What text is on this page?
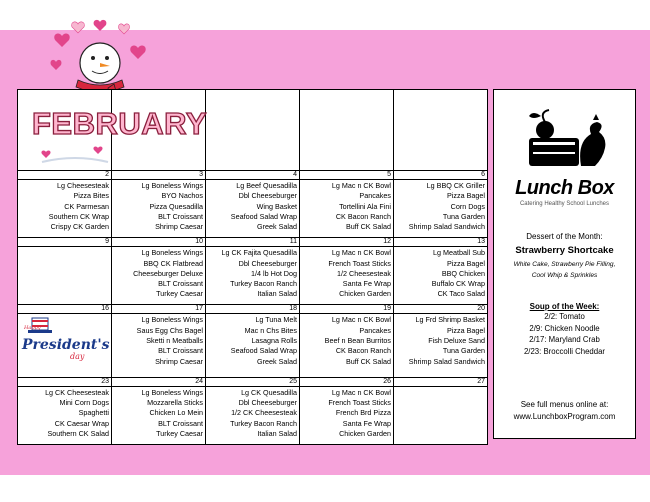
FEBRUARY				

2	3	4	5	6

Lg Cheesesteak
Pizza Bites
CK Parmesan
Southern CK Wrap
Crispy CK Garden	Lg Boneless Wings
BYO Nachos
Pizza Quesadilla
BLT Croissant
Shrimp Caesar	Lg Beef Quesadilla
Dbl Cheeseburger
Wing Basket
Seafood Salad Wrap
Greek Salad	Lg Mac n CK Bowl
Pancakes
Tortellini Ala Fini
CK Bacon Ranch
Buff CK Salad	Lg BBQ CK Griller
Pizza Bagel
Corn Dogs
Tuna Garden
Shrimp Salad Sandwich

9	10	11	12	13

	Lg Boneless Wings
BBQ CK Flatbread
Cheeseburger Deluxe
BLT Croissant
Turkey Caesar	Lg CK Fajita Quesadilla
Dbl Cheeseburger
1/4 lb Hot Dog
Turkey Bacon Ranch
Italian Salad	Lg Mac n CK Bowl
French Toast Sticks
1/2 Cheesesteak
Santa Fe Wrap
Chicken Garden	Lg Meatball Sub
Pizza Bagel
BBQ Chicken
Buffalo CK Wrap
CK Taco Salad

16	17	18	19	20

Happy
President's
day	Lg Boneless Wings
Saus Egg Chs Bagel
Sketti n Meatballs
BLT Croissant
Shrimp Caesar	Lg Tuna Melt
Mac n Chs Bites
Lasagna Rolls
Seafood Salad Wrap
Greek Salad	Lg Mac n CK Bowl
Pancakes
Beef n Bean Burritos
CK Bacon Ranch
Buff CK Salad	Lg Frd Shrimp Basket
Pizza Bagel
Fish Deluxe Sand
Tuna Garden
Shrimp Salad Sandwich

23	24	25	26	27

Lg CK Cheesesteak
Mini Corn Dogs
Spaghetti
CK Caesar Wrap
Southern CK Salad	Lg Boneless Wings
Mozzarella Sticks
Chicken Lo Mein
BLT Croissant
Turkey Caesar	Lg CK Quesadilla
Dbl Cheeseburger
1/2 CK Cheesesteak
Turkey Bacon Ranch
Italian Salad	Lg Mac n CK Bowl
French Toast Sticks
French Brd Pizza
Santa Fe Wrap
Chicken Garden	

Lunch Box
Catering Healthy School Lunches
Dessert of the Month:
Strawberry Shortcake
White Cake, Strawberry Pie Filling,
Cool Whip & Sprinkles
Soup of the Week:
2/2: Tomato
2/9: Chicken Noodle
2/17: Maryland Crab
2/23: Broccolli Cheddar
See full menus online at:
www.LunchboxProgram.com
